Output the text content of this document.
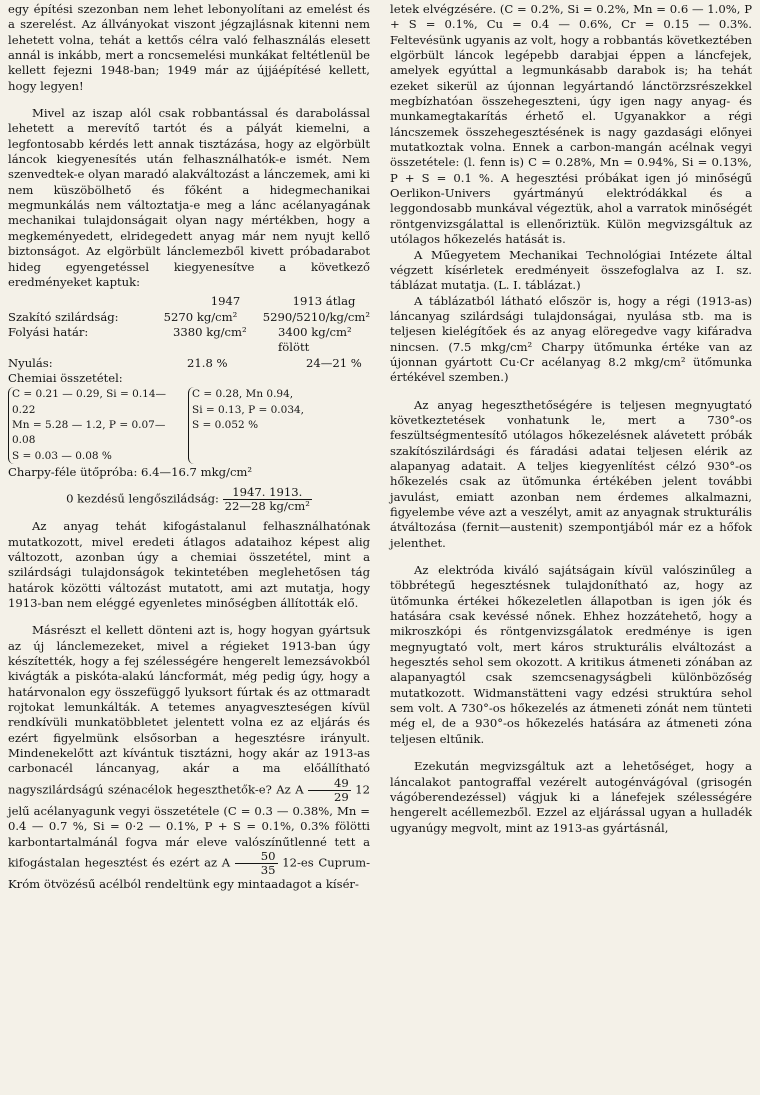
egy építési szezonban nem lehet lebonyolítani az emelést és a szerelést. Az állványokat viszont jégzajlásnak kitenni nem lehetett volna, tehát a kettős célra való felhasználás elesett annál is inkább, mert a roncsemelési munkákat feltétlenül be kellett fejezni 1948-ban; 1949 már az újjáépítésé kellett, hogy legyen!

Mivel az iszap alól csak robbantással és darabolással lehetett a merevítő tartót és a pályát kiemelni, a legfontosabb kérdés lett annak tisztázása, hogy az elgörbült láncok kiegyenesítés után felhasználhatók-e ismét. Nem szenvedtek-e olyan maradó alakváltozást a lánczemek, ami ki nem küszöbölhető és főként a hidegmechanikai megmunkálás nem változtatja-e meg a lánc acélanyagának mechanikai tulajdonságait olyan nagy mértékben, hogy a megkeményedett, elridegedett anyag már nem nyujt kellő biztonságot. Az elgörbült lánclemezből kivett próbadarabot hideg egyengetéssel kiegyenesítve a következő eredményeket kaptuk:

1947	1913 átlag
Szakító szilárdság:	5270 kg/cm²	5290/5210/kg/cm²
Folyási határ:	3380 kg/cm²	3400 kg/cm² fölött
Nyulás:	21.8 %	24—21 %

Chemiai összetétel:

C = 0.21 — 0.29, Si = 0.14—0.22
Mn = 5.28 — 1.2, P = 0.07—0.08
S = 0.03 — 0.08 %
C = 0.28, Mn 0.94,
Si = 0.13, P = 0.034,
S = 0.052 %

Charpy-féle ütőpróba: 6.4—16.7 mkg/cm²

0 kezdésű lengősziládság: $\frac{1947. 1913.}{\text{22—28 kg/cm²}}$

Az anyag tehát kifogástalanul felhasználhatónak mutatkozott, mivel eredeti átlagos adataihoz képest alig változott, azonban úgy a chemiai összetétel, mint a szilárdsági tulajdonságok tekintetében meglehetősen tág határok közötti változást mutatott, ami azt mutatja, hogy 1913-ban nem eléggé egyenletes minőségben állították elő.

Másrészt el kellett dönteni azt is, hogy hogyan gyártsuk az új lánclemezeket, mivel a régieket 1913-ban úgy készítették, hogy a fej szélességére hengerelt lemezsávokból kivágták a piskóta-alakú láncformát, még pedig úgy, hogy a határvonalon egy összefüggő lyuksort fúrtak és az ottmaradt rojtokat lemunkálták. A tetemes anyagveszteségen kívül rendkívüli munkatöbbletet jelentett volna ez az eljárás és ezért figyelmünk elsősorban a hegesztésre irányult. Mindenekelőtt azt kívántuk tisztázni, hogy akár az 1913-as carbonacél láncanyag, akár a ma előállítható nagyszilárdságú szénacélok hegeszthetők-e? Az A $\frac{49}{29} 12$ jelű acélanyagunk vegyi összetétele (C = 0.3 — 0.38%, Mn = 0.4 — 0.7 %, Si = 0·2 — 0.1%, P + S = 0.1%, 0.3% fölötti karbontartalmánál fogva már eleve valószínűtlenné tett a kifogástalan hegesztést és ezért az A $\frac{50}{35} 12-es$ Cuprum-Króm ötvözésű acélból rendeltünk egy mintaadagot a kísér-

letek elvégzésére. (C = 0.2%, Si = 0.2%, Mn = 0.6 — 1.0%, P + S = 0.1%, Cu = 0.4 — 0.6%, Cr = 0.15 — 0.3%. Feltevésünk ugyanis az volt, hogy a robbantás következtében elgörbült láncok legépebb darabjai éppen a láncfejek, amelyek egyúttal a legmunkásabb darabok is; ha tehát ezeket sikerül az újonnan legyártandó lánctörzsrészekkel megbízhatóan összehegeszteni, úgy igen nagy anyag- és munkamegtakarítás érhető el. Ugyanakkor a régi láncszemek összehegesztésének is nagy gazdasági előnyei mutatkoztak volna. Ennek a carbon-mangán acélnak vegyi összetétele: (l. fenn is) C = 0.28%, Mn = 0.94%, Si = 0.13%, P + S = 0.1 %. A hegesztési próbákat igen jó minőségű Oerlikon-Univers gyártmányú elektródákkal és a leggondosabb munkával végeztük, ahol a varratok minőségét röntgenvizsgálattal is ellenőriztük. Külön megvizsgáltuk az utólagos hőkezelés hatását is.

A Műegyetem Mechanikai Technológiai Intézete által végzett kísérletek eredményeit összefoglalva az I. sz. táblázat mutatja. (L. I. táblázat.)

A táblázatból látható először is, hogy a régi (1913-as) láncanyag szilárdsági tulajdonságai, nyulása stb. ma is teljesen kielégítőek és az anyag elöregedve vagy kifáradva nincsen. (7.5 mkg/cm² Charpy ütőmunka értéke van az újonnan gyártott Cu·Cr acélanyag 8.2 mkg/cm² ütőmunka értékével szemben.)

Az anyag hegeszthetőségére is teljesen megnyugtató következtetések vonhatunk le, mert a 730°-os feszültségmentesítő utólagos hőkezelésnek alávetett próbák szakítószilárdsági és fáradási adatai teljesen elérik az alapanyag adatait. A teljes kiegyenlítést célzó 930°-os hőkezelés csak az ütőmunka értékében jelent további javulást, emiatt azonban nem érdemes alkalmazni, figyelembe véve azt a veszélyt, amit az anyagnak strukturális átváltozása (fernit—austenit) szempontjából már ez a hőfok jelenthet.

Az elektróda kiváló sajátságain kívül valószinűleg a többrétegű hegesztésnek tulajdonítható az, hogy az ütőmunka értékei hőkezeletlen állapotban is igen jók és hatására csak kevéssé nőnek. Ehhez hozzátehető, hogy a mikroszkópi és röntgenvizsgálatok eredménye is igen megnyugtató volt, mert káros strukturális elváltozást a hegesztés sehol sem okozott. A kritikus átmeneti zónában az alapanyagtól csak szemcsenagyságbeli különbözőség mutatkozott. Widmanstätteni vagy edzési struktúra sehol sem volt. A 730°-os hőkezelés az átmeneti zónát nem tünteti még el, de a 930°-os hőkezelés hatására az átmeneti zóna teljesen eltűnik.

Ezekután megvizsgáltuk azt a lehetőséget, hogy a láncalakot pantograffal vezérelt autogénvágóval (grisogén vágóberendezéssel) vágjuk ki a lánefejek szélességére hengerelt acéllemezből. Ezzel az eljárással ugyan a hulladék ugyanúgy megvolt, mint az 1913-as gyártásnál,
